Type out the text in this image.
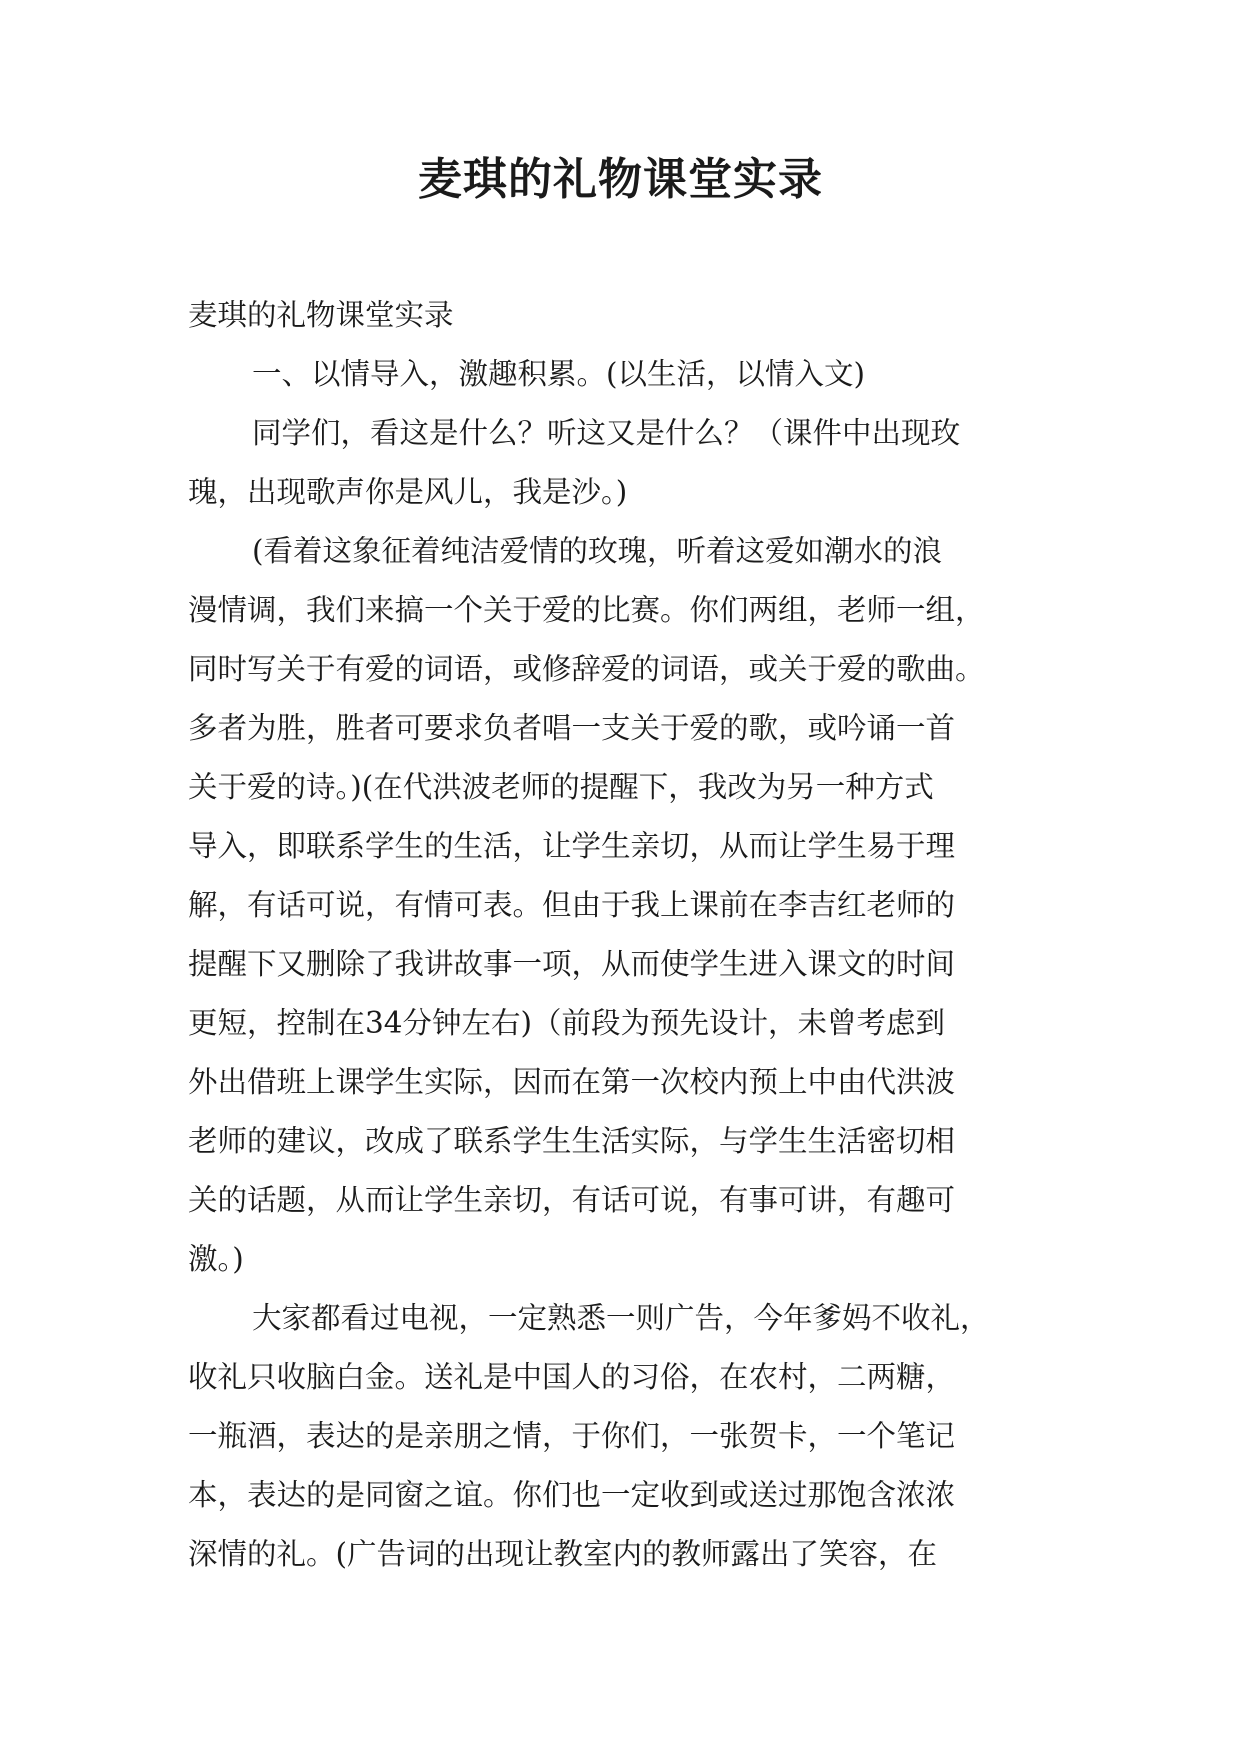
麦琪的礼物课堂实录
麦琪的礼物课堂实录
一、以情导入，激趣积累。(以生活，以情入文)
同学们，看这是什么？听这又是什么？（课件中出现玫
瑰，出现歌声你是风儿，我是沙。)
(看着这象征着纯洁爱情的玫瑰，听着这爱如潮水的浪
漫情调，我们来搞一个关于爱的比赛。你们两组，老师一组，
同时写关于有爱的词语，或修辞爱的词语，或关于爱的歌曲。
多者为胜，胜者可要求负者唱一支关于爱的歌，或吟诵一首
关于爱的诗。)(在代洪波老师的提醒下，我改为另一种方式
导入，即联系学生的生活，让学生亲切，从而让学生易于理
解，有话可说，有情可表。但由于我上课前在李吉红老师的
提醒下又删除了我讲故事一项，从而使学生进入课文的时间
更短，控制在34分钟左右)（前段为预先设计，未曾考虑到
外出借班上课学生实际，因而在第一次校内预上中由代洪波
老师的建议，改成了联系学生生活实际，与学生生活密切相
关的话题，从而让学生亲切，有话可说，有事可讲，有趣可
激。)
大家都看过电视，一定熟悉一则广告，今年爹妈不收礼，
收礼只收脑白金。送礼是中国人的习俗，在农村，二两糖，
一瓶酒，表达的是亲朋之情，于你们，一张贺卡，一个笔记
本，表达的是同窗之谊。你们也一定收到或送过那饱含浓浓
深情的礼。(广告词的出现让教室内的教师露出了笑容，在
